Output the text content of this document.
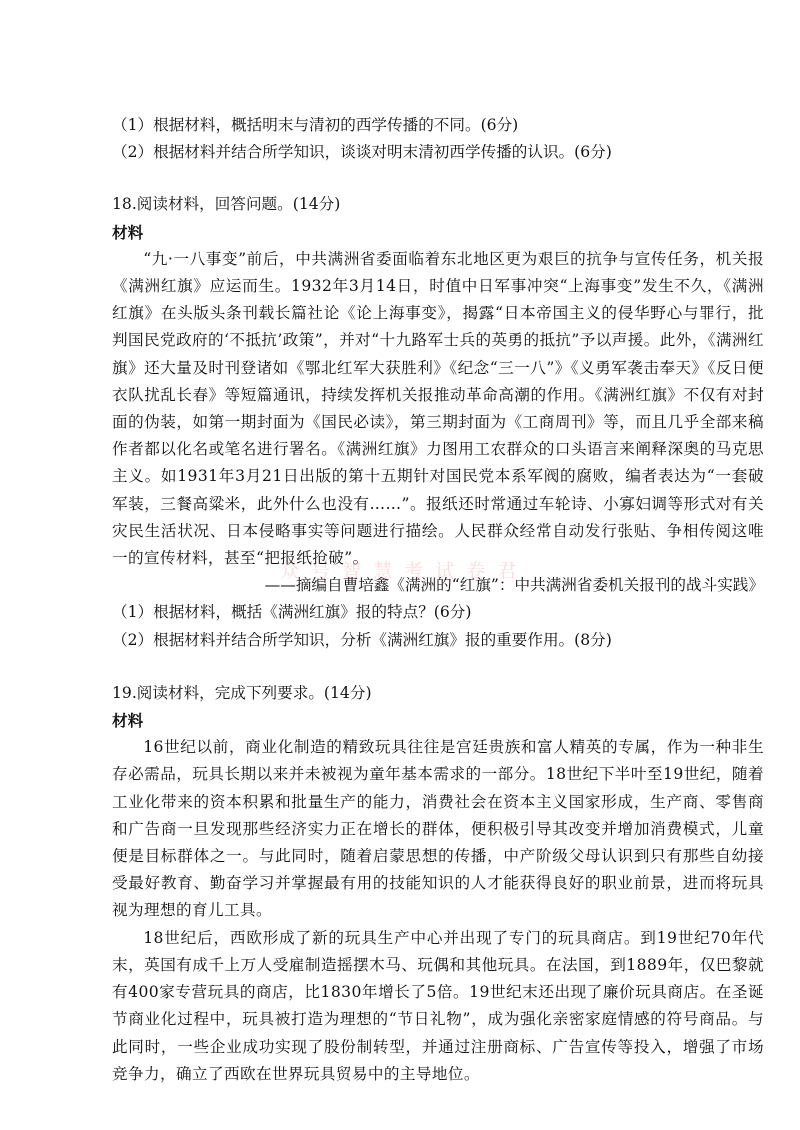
（1）根据材料，概括明末与清初的西学传播的不同。(6分)

（2）根据材料并结合所学知识，谈谈对明末清初西学传播的认识。(6分)

18.阅读材料，回答问题。(14分)

材料

“九·一八事变”前后，中共满洲省委面临着东北地区更为艰巨的抗争与宣传任务，机关报《满洲红旗》应运而生。1932年3月14日，时值中日军事冲突“上海事变”发生不久，《满洲红旗》在头版头条刊载长篇社论《论上海事变》，揭露“日本帝国主义的侵华野心与罪行，批判国民党政府的‘不抵抗’政策”，并对“十九路军士兵的英勇的抵抗”予以声援。此外，《满洲红旗》还大量及时刊登诸如《鄂北红军大获胜利》《纪念“三一八”》《义勇军袭击奉天》《反日便衣队扰乱长春》等短篇通讯，持续发挥机关报推动革命高潮的作用。《满洲红旗》不仅有对封面的伪装，如第一期封面为《国民必读》，第三期封面为《工商周刊》等，而且几乎全部来稿作者都以化名或笔名进行署名。《满洲红旗》力图用工农群众的口头语言来阐释深奥的马克思主义。如1931年3月21日出版的第十五期针对国民党本系军阀的腐败，编者表达为“一套破军装，三餐高粱米，此外什么也没有……”。报纸还时常通过车轮诗、小寡妇调等形式对有关灾民生活状况、日本侵略事实等问题进行描绘。人民群众经常自动发行张贴、争相传阅这唯一的宣传材料，甚至“把报纸抢破”。

——摘编自曹培鑫《满洲的“红旗”：中共满洲省委机关报刊的战斗实践》

（1）根据材料，概括《满洲红旗》报的特点？(6分)

（2）根据材料并结合所学知识，分析《满洲红旗》报的重要作用。(8分)

19.阅读材料，完成下列要求。(14分)

材料

16世纪以前，商业化制造的精致玩具往往是宫廷贵族和富人精英的专属，作为一种非生存必需品，玩具长期以来并未被视为童年基本需求的一部分。18世纪下半叶至19世纪，随着工业化带来的资本积累和批量生产的能力，消费社会在资本主义国家形成，生产商、零售商和广告商一旦发现那些经济实力正在增长的群体，便积极引导其改变并增加消费模式，儿童便是目标群体之一。与此同时，随着启蒙思想的传播，中产阶级父母认识到只有那些自幼接受最好教育、勤奋学习并掌握最有用的技能知识的人才能获得良好的职业前景，进而将玩具视为理想的育儿工具。

18世纪后，西欧形成了新的玩具生产中心并出现了专门的玩具商店。到19世纪70年代末，英国有成千上万人受雇制造摇摆木马、玩偶和其他玩具。在法国，到1889年，仅巴黎就有400家专营玩具的商店，比1830年增长了5倍。19世纪末还出现了廉价玩具商店。在圣诞节商业化过程中，玩具被打造为理想的“节日礼物”，成为强化亲密家庭情感的符号商品。与此同时，一些企业成功实现了股份制转型，并通过注册商标、广告宣传等投入，增强了市场竞争力，确立了西欧在世界玩具贸易中的主导地位。

众 号 智 慧 考 试 卷 君
